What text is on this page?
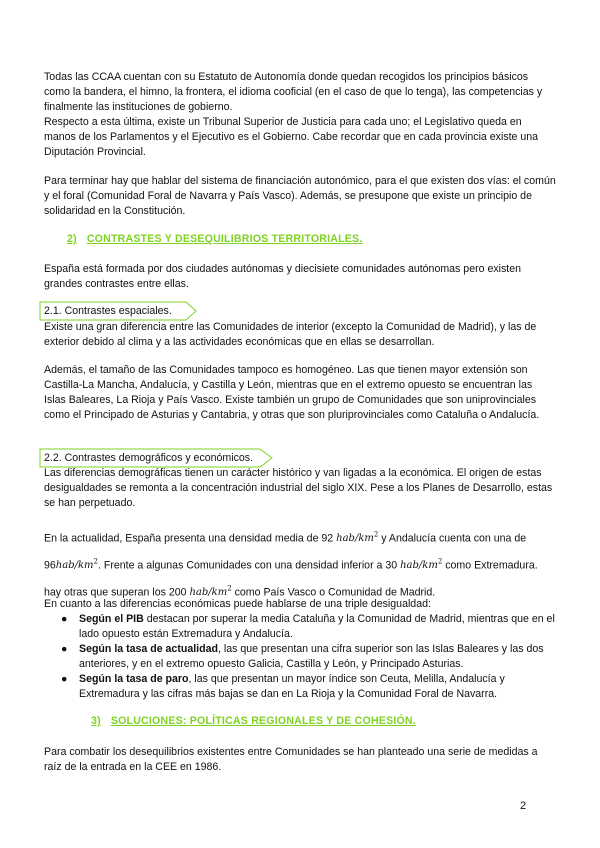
Todas las CCAA cuentan con su Estatuto de Autonomía donde quedan recogidos los principios básicos como la bandera, el himno, la frontera, el idioma cooficial (en el caso de que lo tenga), las competencias y finalmente las instituciones de gobierno.

Respecto a esta última, existe un Tribunal Superior de Justicia para cada uno; el Legislativo queda en manos de los Parlamentos y el Ejecutivo es el Gobierno. Cabe recordar que en cada provincia existe una Diputación Provincial.

Para terminar hay que hablar del sistema de financiación autonómico, para el que existen dos vías: el común y el foral (Comunidad Foral de Navarra y País Vasco). Además, se presupone que existe un principio de solidaridad en la Constitución.

2) CONTRASTES Y DESEQUILIBRIOS TERRITORIALES.

España está formada por dos ciudades autónomas y diecisiete comunidades autónomas pero existen grandes contrastes entre ellas.

2.1. Contrastes espaciales.

Existe una gran diferencia entre las Comunidades de interior (excepto la Comunidad de Madrid), y las de exterior debido al clima y a las actividades económicas que en ellas se desarrollan.

Además, el tamaño de las Comunidades tampoco es homogéneo. Las que tienen mayor extensión son Castilla-La Mancha, Andalucía, y Castilla y León, mientras que en el extremo opuesto se encuentran las Islas Baleares, La Rioja y País Vasco. Existe también un grupo de Comunidades que son uniprovinciales como el Principado de Asturias y Cantabria, y otras que son pluriprovinciales como Cataluña o Andalucía.

2.2. Contrastes demográficos y económicos.

Las diferencias demográficas tienen un carácter histórico y van ligadas a la económica. El origen de estas desigualdades se remonta a la concentración industrial del siglo XIX. Pese a los Planes de Desarrollo, estas se han perpetuado.

En la actualidad, España presenta una densidad media de 92 hab/$km^2$ y Andalucía cuenta con una de $96hab/km^2$. Frente a algunas Comunidades con una densidad inferior a 30 hab/$km^2$ como Extremadura. hay otras que superan los 200 hab/$km^2$ como País Vasco o Comunidad de Madrid.

En cuanto a las diferencias económicas puede hablarse de una triple desigualdad:

● Según el PIB destacan por superar la media Cataluña y la Comunidad de Madrid, mientras que en el lado opuesto están Extremadura y Andalucía.
● Según la tasa de actualidad, las que presentan una cifra superior son las Islas Baleares y las dos anteriores, y en el extremo opuesto Galicia, Castilla y León, y Principado Asturias.
● Según la tasa de paro, las que presentan un mayor índice son Ceuta, Melilla, Andalucía y Extremadura y las cifras más bajas se dan en La Rioja y la Comunidad Foral de Navarra.
3) SOLUCIONES: POLÍTICAS REGIONALES Y DE COHESIÓN.

Para combatir los desequilibrios existentes entre Comunidades se han planteado una serie de medidas a raíz de la entrada en la CEE en 1986.

2
